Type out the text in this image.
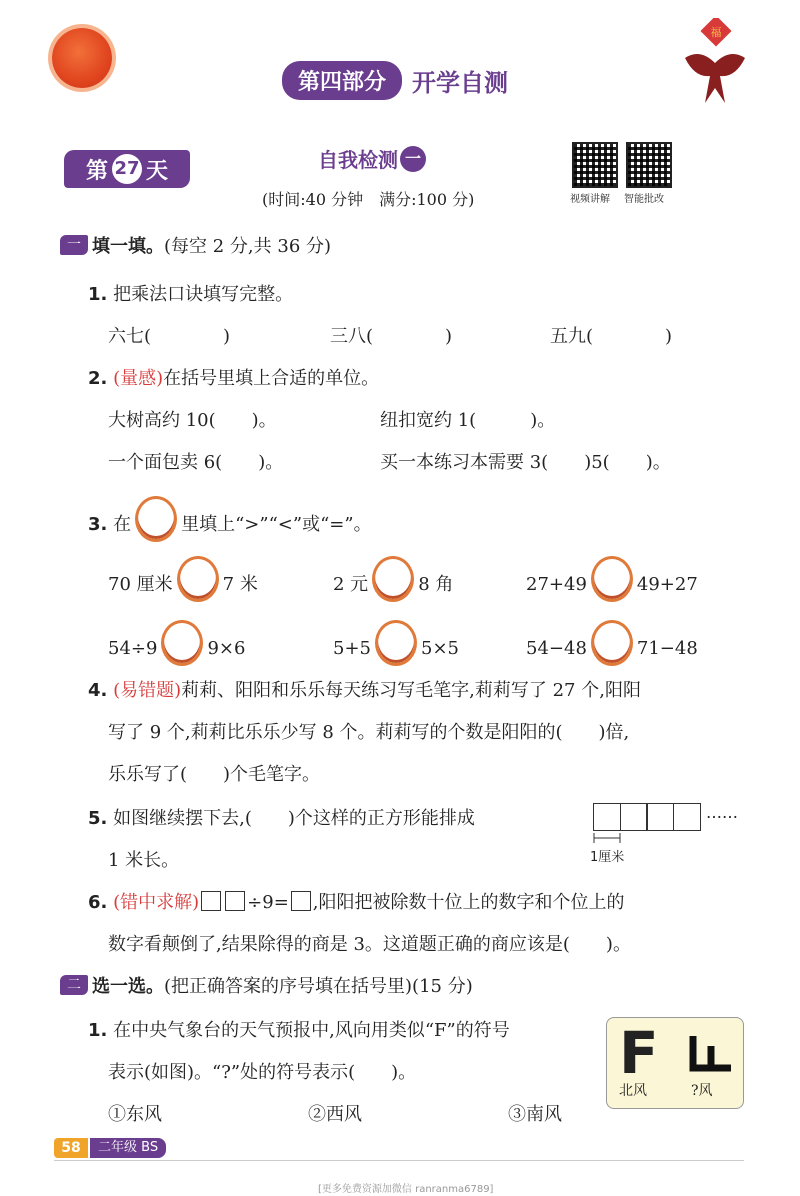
第四部分	开学自测
福
第 27 天	自我检测 一
(时间:40 分钟　满分:100 分)	视频讲解 智能批改
一 填一填。 (每空 2 分,共 36 分)
1. 把乘法口诀填写完整。
六七(　　　　)	三八(　　　　)	五九(　　　　)
2. (量感)在括号里填上合适的单位。
大树高约 10(　　)。	纽扣宽约 1(　　　)。
一个面包卖 6(　　)。	买一本练习本需要 3(　　)5(　　)。
3. 在	里填上“>”“<”或“=”。
70 厘米	7 米	2 元	8 角	27+49	49+27
54÷9	9×6	5+5	5×5	54−48	71−48
4. (易错题)莉莉、阳阳和乐乐每天练习写毛笔字,莉莉写了 27 个,阳阳
写了 9 个,莉莉比乐乐少写 8 个。莉莉写的个数是阳阳的(　　)倍,
乐乐写了(　　)个毛笔字。
5. 如图继续摆下去,(　　)个这样的正方形能排成
1 米长。	1厘米
……
6. (错中求解)	÷9= ,阳阳把被除数十位上的数字和个位上的
数字看颠倒了,结果除得的商是 3。这道题正确的商应该是(　　)。
二 选一选。 (把正确答案的序号填在括号里)(15 分)
1. 在中央气象台的天气预报中,风向用类似“F”的符号
表示(如图)。“?”处的符号表示(　　)。
①东风	②西风	③南风
F
北风	?风
58	二年级 BS
[更多免费资源加微信 ranranma6789]
